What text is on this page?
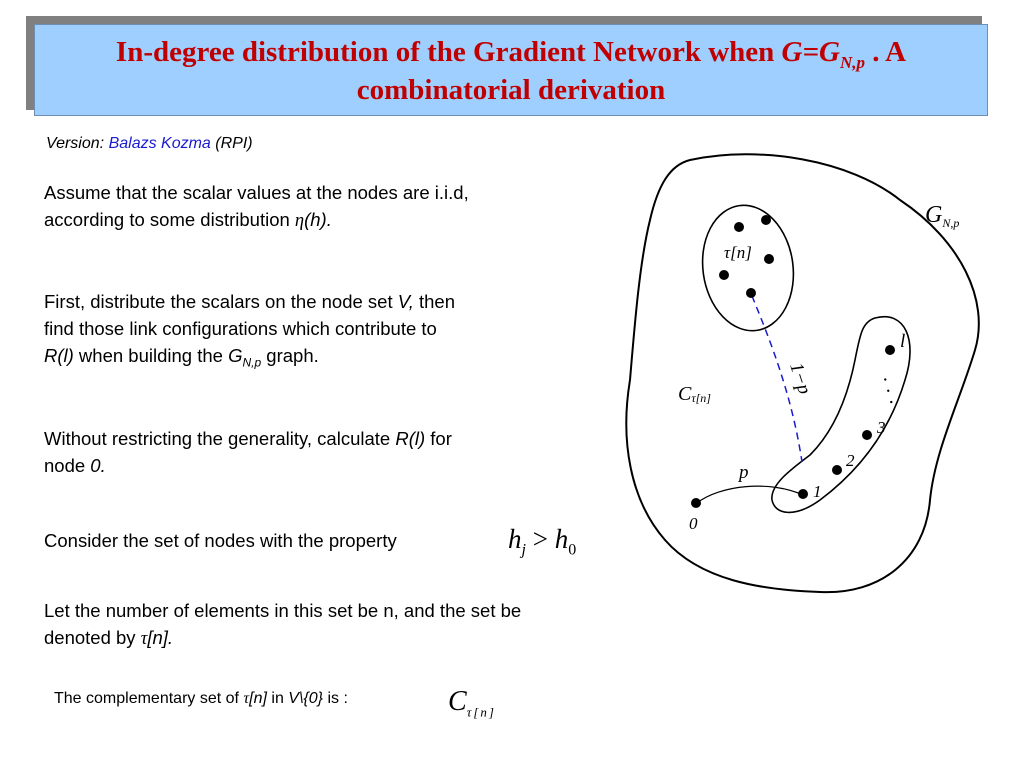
In-degree distribution of the Gradient Network when $G=G_{N,p}$ . A
combinatorial derivation
Version: Balazs Kozma (RPI)
Assume that the scalar values at the nodes are i.i.d,
according to some distribution η(h).
First, distribute the scalars on the node set V, then
find those link configurations which contribute to
R(l) when building the $G_{N,p}$ graph.
Without restricting the generality, calculate R(l) for
node 0.
Consider the set of nodes with the property	$h_j > h_0$
Let the number of elements in this set be n, and the set be
denoted by τ[n].
The complementary set of τ[n] in V\{0} is :	$C_{\tau[n]}$
$G_{N,p}$
τ[n]
Cτ[n]
1−p
p
l
· · ·
3
2
1
0
